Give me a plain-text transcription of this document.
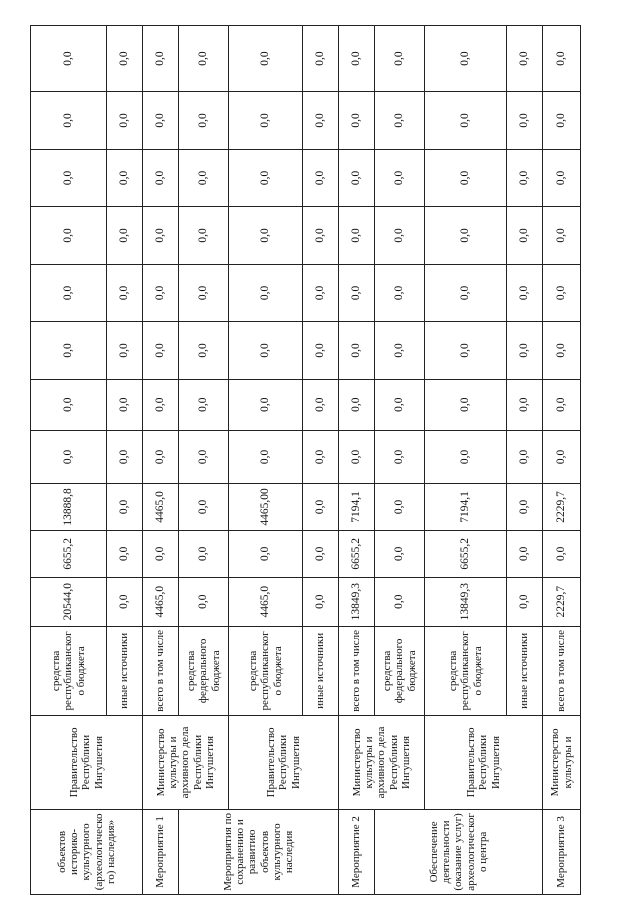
объектов историко-культурного (археологического) наследия»	Правительство Республики Ингушетия	средства республиканского бюджета	20544,0	6655,2	13888,8	0,0	0,0	0,0	0,0	0,0	0,0	0,0	0,0
		иные источники	0,0	0,0	0,0	0,0	0,0	0,0	0,0	0,0	0,0	0,0	0,0
Мероприятие 1	Министерство культуры и архивного дела Республики Ингушетия	всего в том числе	4465,0	0,0	4465,0	0,0	0,0	0,0	0,0	0,0	0,0	0,0	0,0
Мероприятия по сохранению и развитию объектов культурного наследия		средства федерального бюджета	0,0	0,0	0,0	0,0	0,0	0,0	0,0	0,0	0,0	0,0	0,0
	Правительство Республики Ингушетия	средства республиканского бюджета	4465,0	0,0	4465,00	0,0	0,0	0,0	0,0	0,0	0,0	0,0	0,0
		иные источники	0,0	0,0	0,0	0,0	0,0	0,0	0,0	0,0	0,0	0,0	0,0
Мероприятие 2	Министерство культуры и архивного дела Республики Ингушетия	всего в том числе	13849,3	6655,2	7194,1	0,0	0,0	0,0	0,0	0,0	0,0	0,0	0,0
Обеспечение деятельности (оказание услуг) археологического центра		средства федерального бюджета	0,0	0,0	0,0	0,0	0,0	0,0	0,0	0,0	0,0	0,0	0,0
	Правительство Республики Ингушетия	средства республиканского бюджета	13849,3	6655,2	7194,1	0,0	0,0	0,0	0,0	0,0	0,0	0,0	0,0
		иные источники	0,0	0,0	0,0	0,0	0,0	0,0	0,0	0,0	0,0	0,0	0,0
Мероприятие 3	Министерство культуры и	всего в том числе	2229,7	0,0	2229,7	0,0	0,0	0,0	0,0	0,0	0,0	0,0	0,0
